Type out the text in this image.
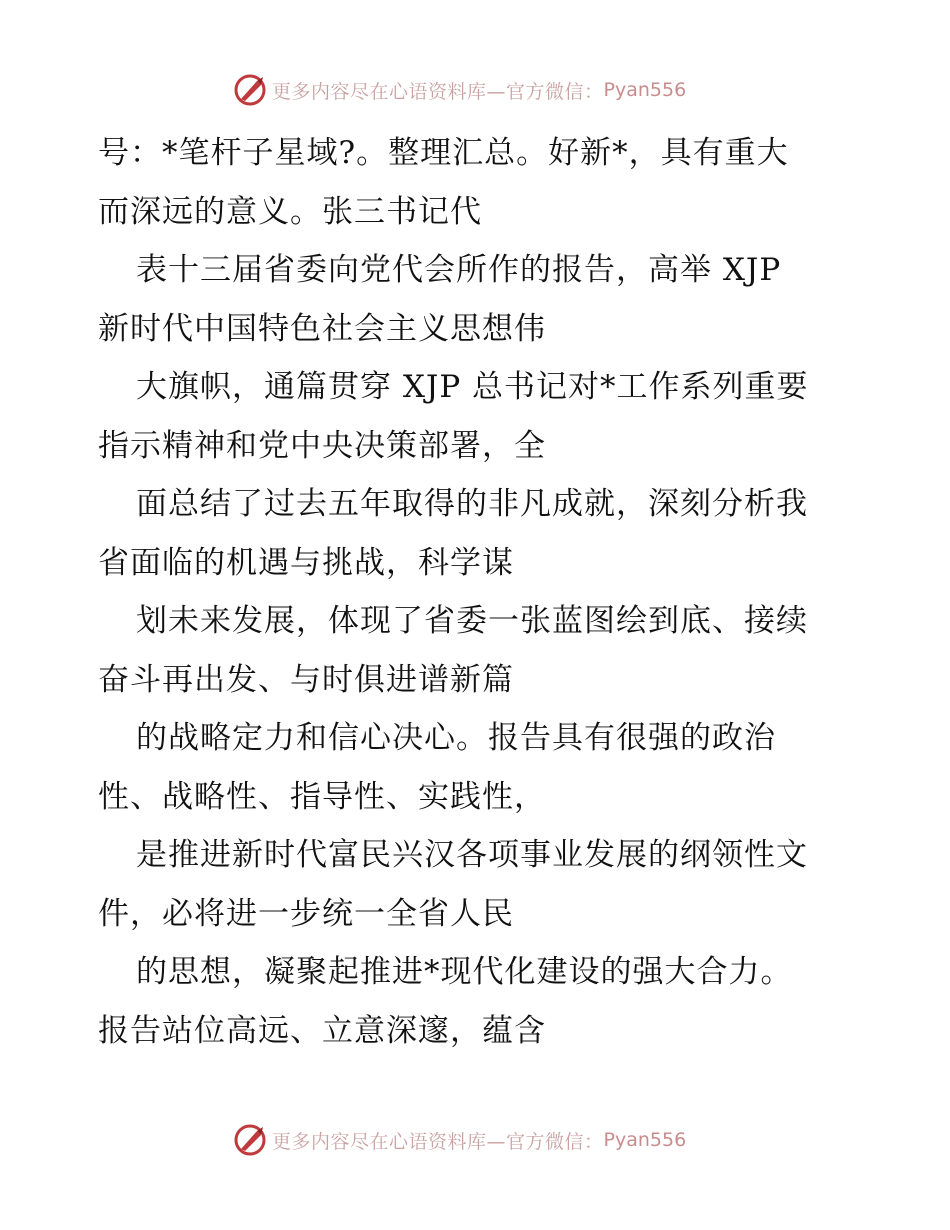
更多内容尽在心语资料库—官方微信： Pyan556
号：*笔杆子星域?。整理汇总。好新*，具有重大
而深远的意义。张三书记代
表十三届省委向党代会所作的报告，高举 XJP
新时代中国特色社会主义思想伟
大旗帜，通篇贯穿 XJP 总书记对*工作系列重要
指示精神和党中央决策部署，全
面总结了过去五年取得的非凡成就，深刻分析我
省面临的机遇与挑战，科学谋
划未来发展，体现了省委一张蓝图绘到底、接续
奋斗再出发、与时俱进谱新篇
的战略定力和信心决心。报告具有很强的政治
性、战略性、指导性、实践性，
是推进新时代富民兴汉各项事业发展的纲领性文
件，必将进一步统一全省人民
的思想，凝聚起推进*现代化建设的强大合力。
报告站位高远、立意深邃，蕴含
更多内容尽在心语资料库—官方微信： Pyan556
